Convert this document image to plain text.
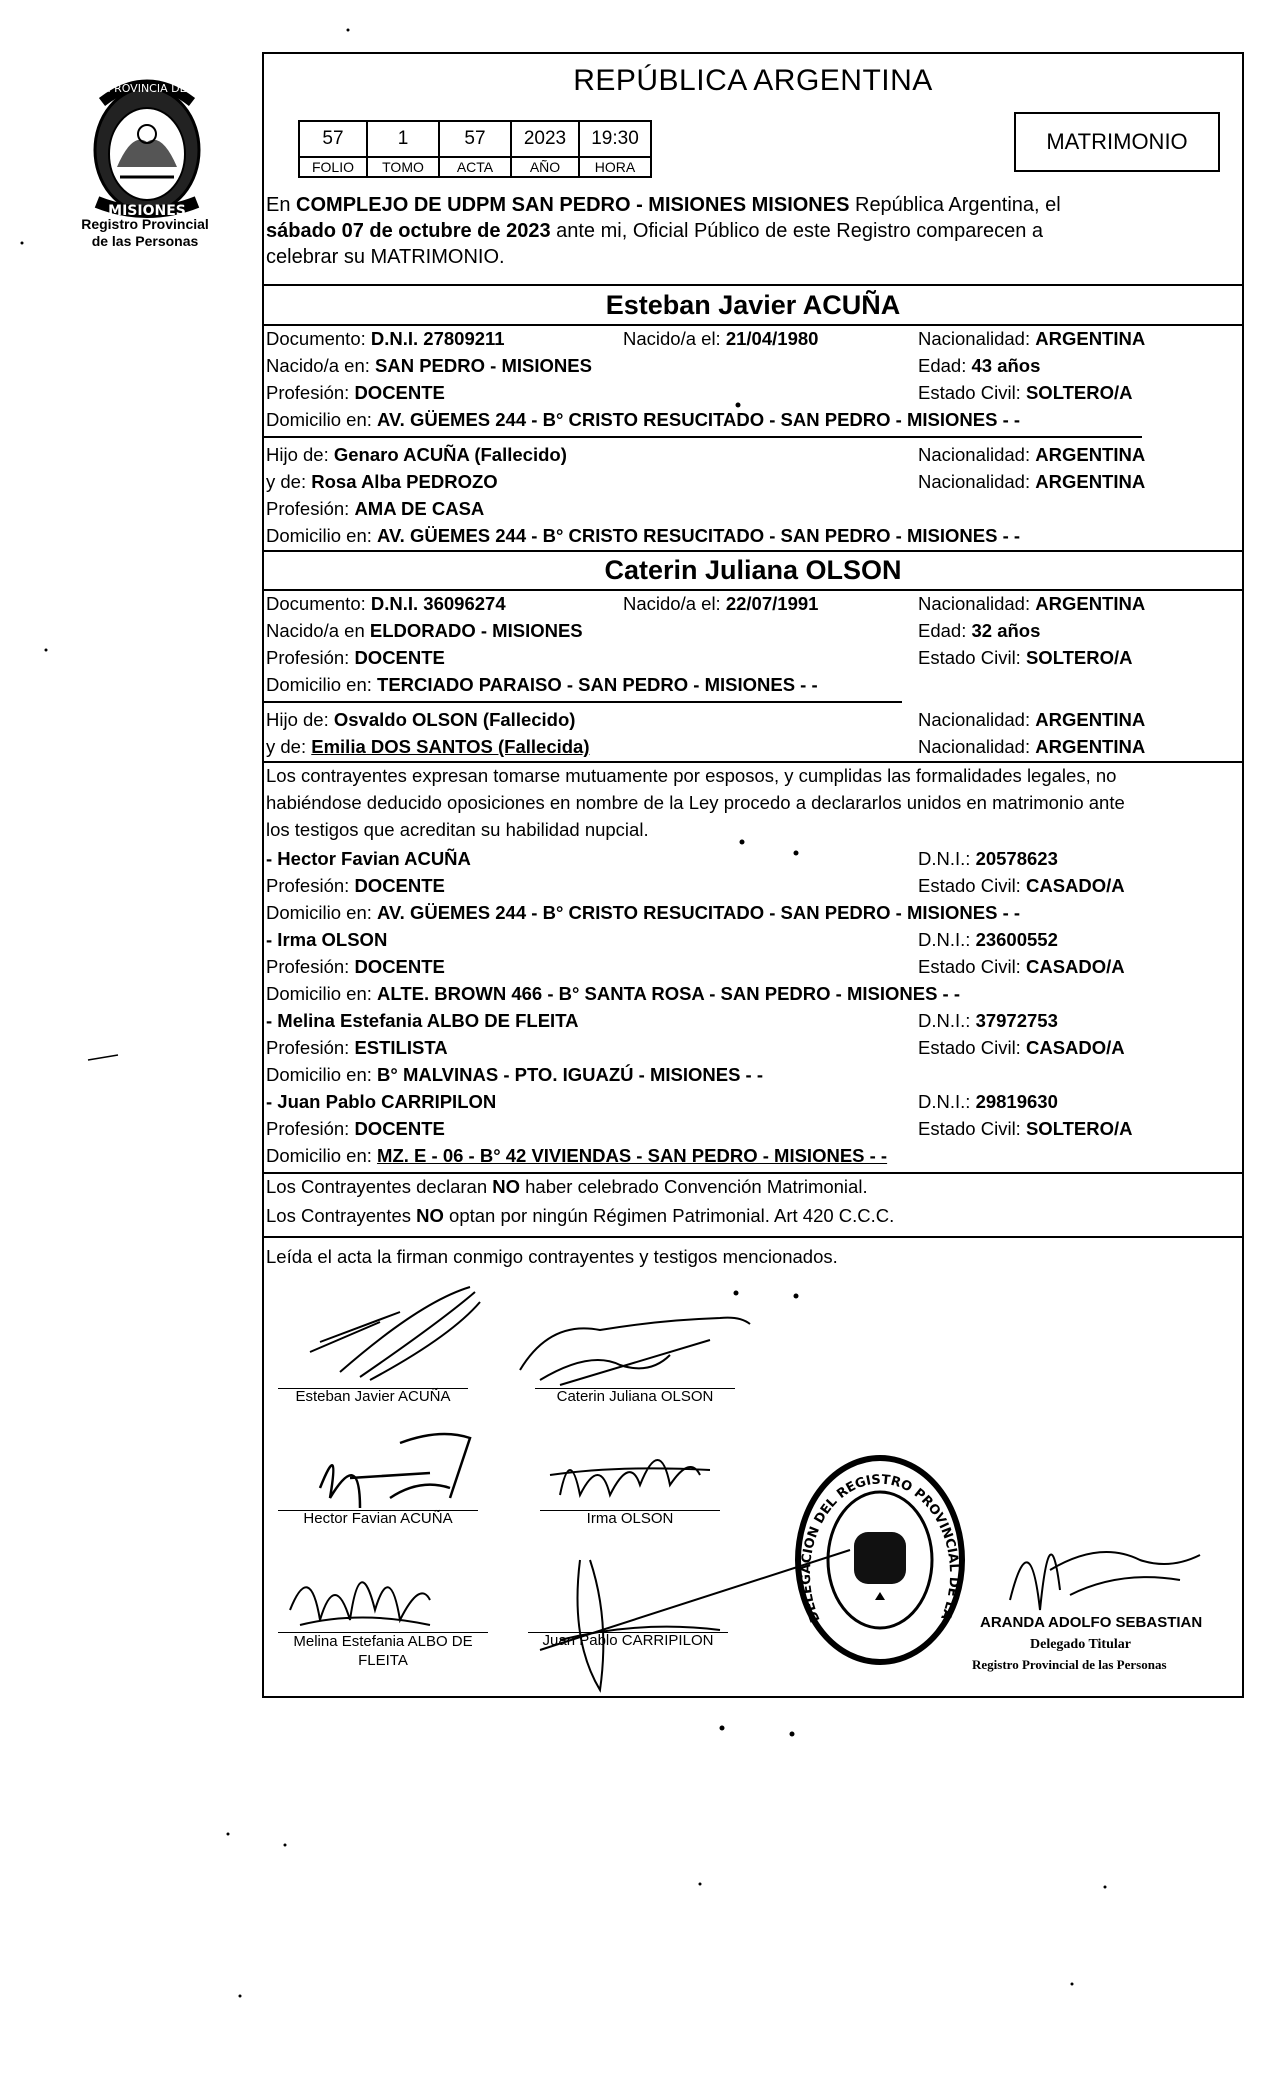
PROVINCIA DE
MISIONES
Registro Provincial
de las Personas
REPÚBLICA ARGENTINA
57	1	57	2023	19:30
FOLIO	TOMO	ACTA	AÑO	HORA
MATRIMONIO
En COMPLEJO DE UDPM SAN PEDRO - MISIONES MISIONES República Argentina, el
sábado 07 de octubre de 2023 ante mi, Oficial Público de este Registro comparecen a
celebrar su MATRIMONIO.
Esteban Javier ACUÑA
Documento: D.N.I. 27809211	Nacido/a el: 21/04/1980	Nacionalidad: ARGENTINA
Nacido/a en: SAN PEDRO - MISIONES	Edad: 43 años
Profesión: DOCENTE	Estado Civil: SOLTERO/A
Domicilio en: AV. GÜEMES 244 - B° CRISTO RESUCITADO - SAN PEDRO - MISIONES - -
Hijo de: Genaro ACUÑA (Fallecido)	Nacionalidad: ARGENTINA
y de: Rosa Alba PEDROZO	Nacionalidad: ARGENTINA
Profesión: AMA DE CASA
Domicilio en: AV. GÜEMES 244 - B° CRISTO RESUCITADO - SAN PEDRO - MISIONES - -
Caterin Juliana OLSON
Documento: D.N.I. 36096274	Nacido/a el: 22/07/1991	Nacionalidad: ARGENTINA
Nacido/a en ELDORADO - MISIONES	Edad: 32 años
Profesión: DOCENTE	Estado Civil: SOLTERO/A
Domicilio en: TERCIADO PARAISO - SAN PEDRO - MISIONES - -
Hijo de: Osvaldo OLSON (Fallecido)	Nacionalidad: ARGENTINA
y de: Emilia DOS SANTOS (Fallecida)	Nacionalidad: ARGENTINA
Los contrayentes expresan tomarse mutuamente por esposos, y cumplidas las formalidades legales, no
habiéndose deducido oposiciones en nombre de la Ley procedo a declararlos unidos en matrimonio ante
los testigos que acreditan su habilidad nupcial.
- Hector Favian ACUÑA	D.N.I.: 20578623
Profesión: DOCENTE	Estado Civil: CASADO/A
Domicilio en: AV. GÜEMES 244 - B° CRISTO RESUCITADO - SAN PEDRO - MISIONES - -
- Irma OLSON	D.N.I.: 23600552
Profesión: DOCENTE	Estado Civil: CASADO/A
Domicilio en: ALTE. BROWN 466 - B° SANTA ROSA - SAN PEDRO - MISIONES - -
- Melina Estefania ALBO DE FLEITA	D.N.I.: 37972753
Profesión: ESTILISTA	Estado Civil: CASADO/A
Domicilio en: B° MALVINAS - PTO. IGUAZÚ - MISIONES - -
- Juan Pablo CARRIPILON	D.N.I.: 29819630
Profesión: DOCENTE	Estado Civil: SOLTERO/A
Domicilio en: MZ. E - 06 - B° 42 VIVIENDAS - SAN PEDRO - MISIONES - -
Los Contrayentes declaran NO haber celebrado Convención Matrimonial.
Los Contrayentes NO optan por ningún Régimen Patrimonial. Art 420 C.C.C.
Leída el acta la firman conmigo contrayentes y testigos mencionados.
Esteban Javier ACUÑA	Caterin Juliana OLSON
Hector Favian ACUÑA	Irma OLSON
Melina Estefania ALBO DE
FLEITA
Juan Pablo CARRIPILON
DELEGACION DEL REGISTRO PROVINCIAL DE LAS PERSONAS
ARANDA ADOLFO SEBASTIAN
Delegado Titular
Registro Provincial de las Personas
